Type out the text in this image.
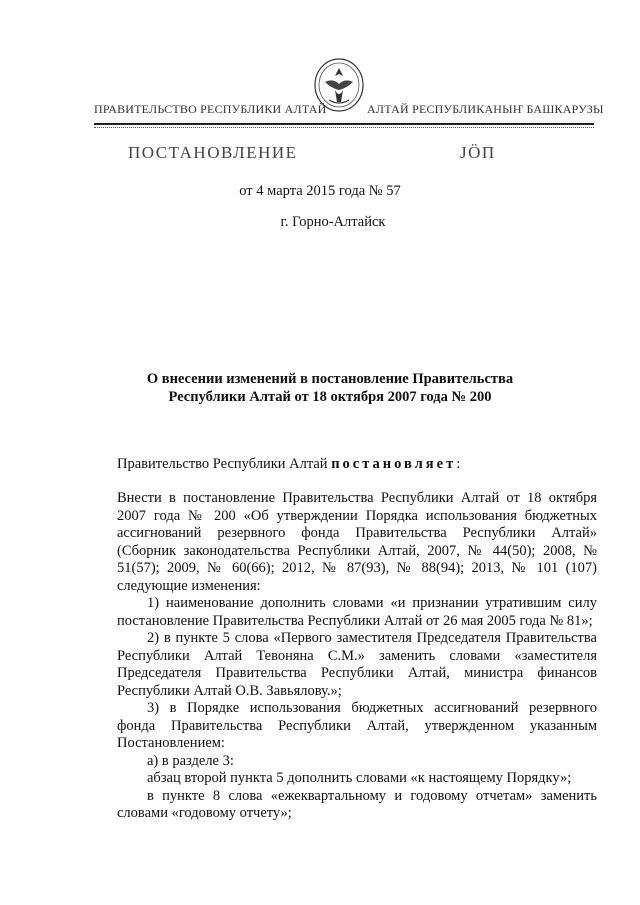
ПРАВИТЕЛЬСТВО РЕСПУБЛИКИ АЛТАЙ	АЛТАЙ РЕСПУБЛИКАНЫҤ БАШКАРУЗЫ
ПОСТАНОВЛЕНИЕ	ЈӦП
от 4 марта 2015 года № 57
г. Горно-Алтайск
О внесении изменений в постановление Правительства
Республики Алтай от 18 октября 2007 года № 200
Правительство Республики Алтай постановляет:

Внести в постановление Правительства Республики Алтай от 18 октября 2007 года № 200 «Об утверждении Порядка использования бюджетных ассигнований резервного фонда Правительства Республики Алтай» (Сборник законодательства Республики Алтай, 2007, № 44(50); 2008, № 51(57); 2009, № 60(66); 2012, № 87(93), № 88(94); 2013, № 101 (107) следующие изменения:

1) наименование дополнить словами «и признании утратившим силу постановление Правительства Республики Алтай от 26 мая 2005 года № 81»;

2) в пункте 5 слова «Первого заместителя Председателя Правительства Республики Алтай Тевоняна С.М.» заменить словами «заместителя Председателя Правительства Республики Алтай, министра финансов Республики Алтай О.В. Завьялову.»;

3) в Порядке использования бюджетных ассигнований резервного фонда Правительства Республики Алтай, утвержденном указанным Постановлением:

а) в разделе 3:

абзац второй пункта 5 дополнить словами «к настоящему Порядку»;

в пункте 8 слова «ежеквартальному и годовому отчетам» заменить словами «годовому отчету»;
